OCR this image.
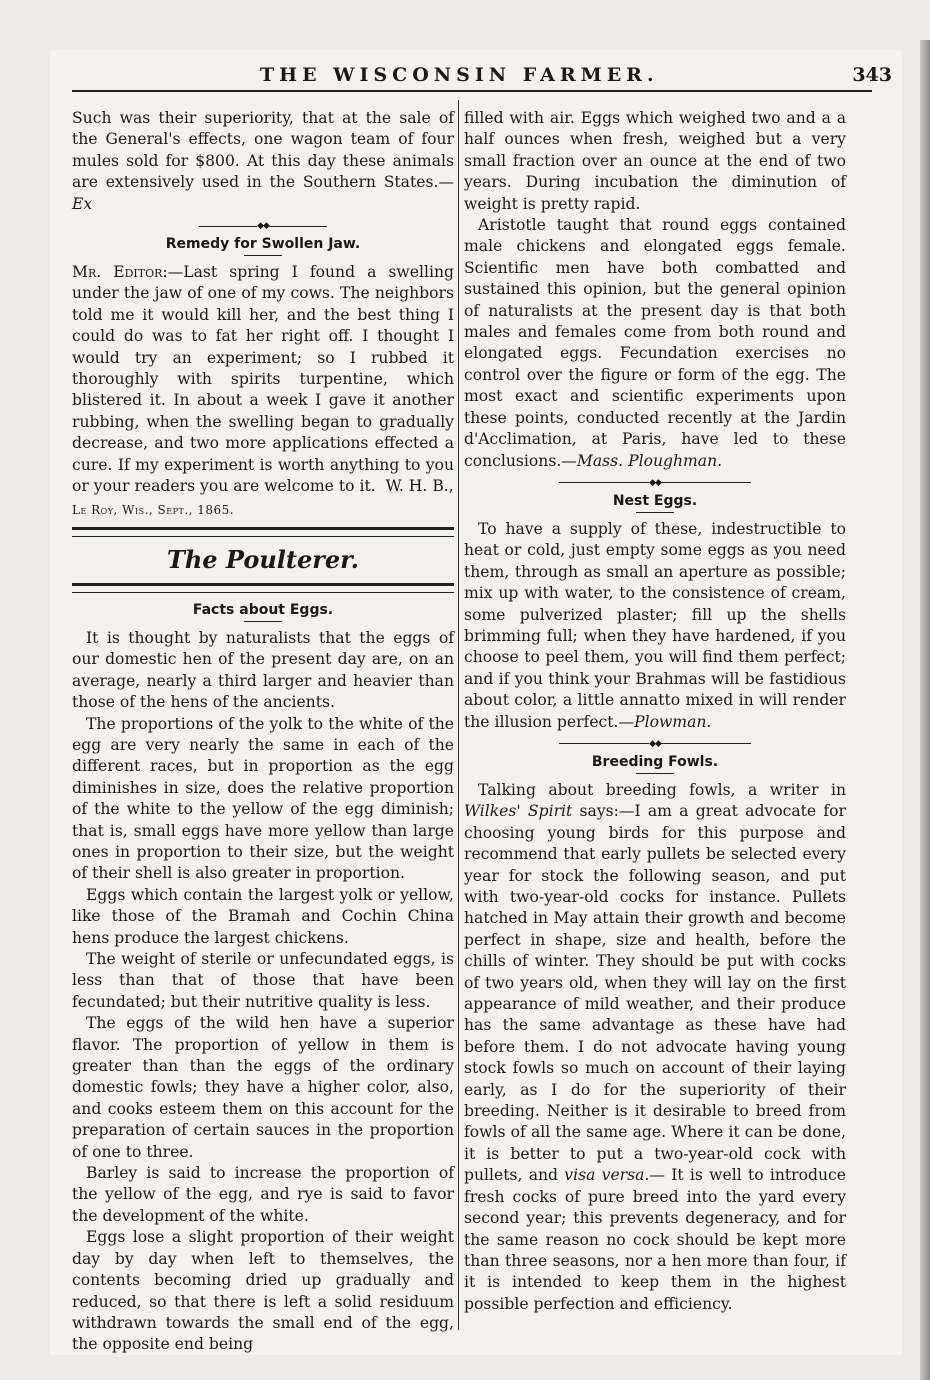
THE WISCONSIN FARMER.	343

Such was their superiority, that at the sale of the General's effects, one wagon team of four mules sold for $800. At this day these animals are extensively used in the Southern States.—Ex

◆◆
Remedy for Swollen Jaw.

Mr. Editor:—Last spring I found a swelling under the jaw of one of my cows. The neighbors told me it would kill her, and the best thing I could do was to fat her right off. I thought I would try an experiment; so I rubbed it thoroughly with spirits turpentine, which blistered it. In about a week I gave it another rubbing, when the swelling began to gradually decrease, and two more applications effected a cure. If my experiment is worth anything to you or your readers you are welcome to it. W. H. B.,

Le Roy, Wis., Sept., 1865.
The Poulterer.
Facts about Eggs.

It is thought by naturalists that the eggs of our domestic hen of the present day are, on an average, nearly a third larger and heavier than those of the hens of the ancients.

The proportions of the yolk to the white of the egg are very nearly the same in each of the different races, but in proportion as the egg diminishes in size, does the relative proportion of the white to the yellow of the egg diminish; that is, small eggs have more yellow than large ones in proportion to their size, but the weight of their shell is also greater in proportion.

Eggs which contain the largest yolk or yellow, like those of the Bramah and Cochin China hens produce the largest chickens.

The weight of sterile or unfecundated eggs, is less than that of those that have been fecundated; but their nutritive quality is less.

The eggs of the wild hen have a superior flavor. The proportion of yellow in them is greater than than the eggs of the ordinary domestic fowls; they have a higher color, also, and cooks esteem them on this account for the preparation of certain sauces in the proportion of one to three.

Barley is said to increase the proportion of the yellow of the egg, and rye is said to favor the development of the white.

Eggs lose a slight proportion of their weight day by day when left to themselves, the contents becoming dried up gradually and reduced, so that there is left a solid residuum withdrawn towards the small end of the egg, the opposite end being

filled with air. Eggs which weighed two and a a half ounces when fresh, weighed but a very small fraction over an ounce at the end of two years. During incubation the diminution of weight is pretty rapid.

Aristotle taught that round eggs contained male chickens and elongated eggs female. Scientific men have both combatted and sustained this opinion, but the general opinion of naturalists at the present day is that both males and females come from both round and elongated eggs. Fecundation exercises no control over the figure or form of the egg. The most exact and scientific experiments upon these points, conducted recently at the Jardin d'Acclimation, at Paris, have led to these conclusions.—Mass. Ploughman.

◆◆
Nest Eggs.

To have a supply of these, indestructible to heat or cold, just empty some eggs as you need them, through as small an aperture as possible; mix up with water, to the consistence of cream, some pulverized plaster; fill up the shells brimming full; when they have hardened, if you choose to peel them, you will find them perfect; and if you think your Brahmas will be fastidious about color, a little annatto mixed in will render the illusion perfect.—Plowman.

◆◆
Breeding Fowls.

Talking about breeding fowls, a writer in Wilkes' Spirit says:—I am a great advocate for choosing young birds for this purpose and recommend that early pullets be selected every year for stock the following season, and put with two-year-old cocks for instance. Pullets hatched in May attain their growth and become perfect in shape, size and health, before the chills of winter. They should be put with cocks of two years old, when they will lay on the first appearance of mild weather, and their produce has the same advantage as these have had before them. I do not advocate having young stock fowls so much on account of their laying early, as I do for the superiority of their breeding. Neither is it desirable to breed from fowls of all the same age. Where it can be done, it is better to put a two-year-old cock with pullets, and visa versa.— It is well to introduce fresh cocks of pure breed into the yard every second year; this prevents degeneracy, and for the same reason no cock should be kept more than three seasons, nor a hen more than four, if it is intended to keep them in the highest possible perfection and efficiency.
